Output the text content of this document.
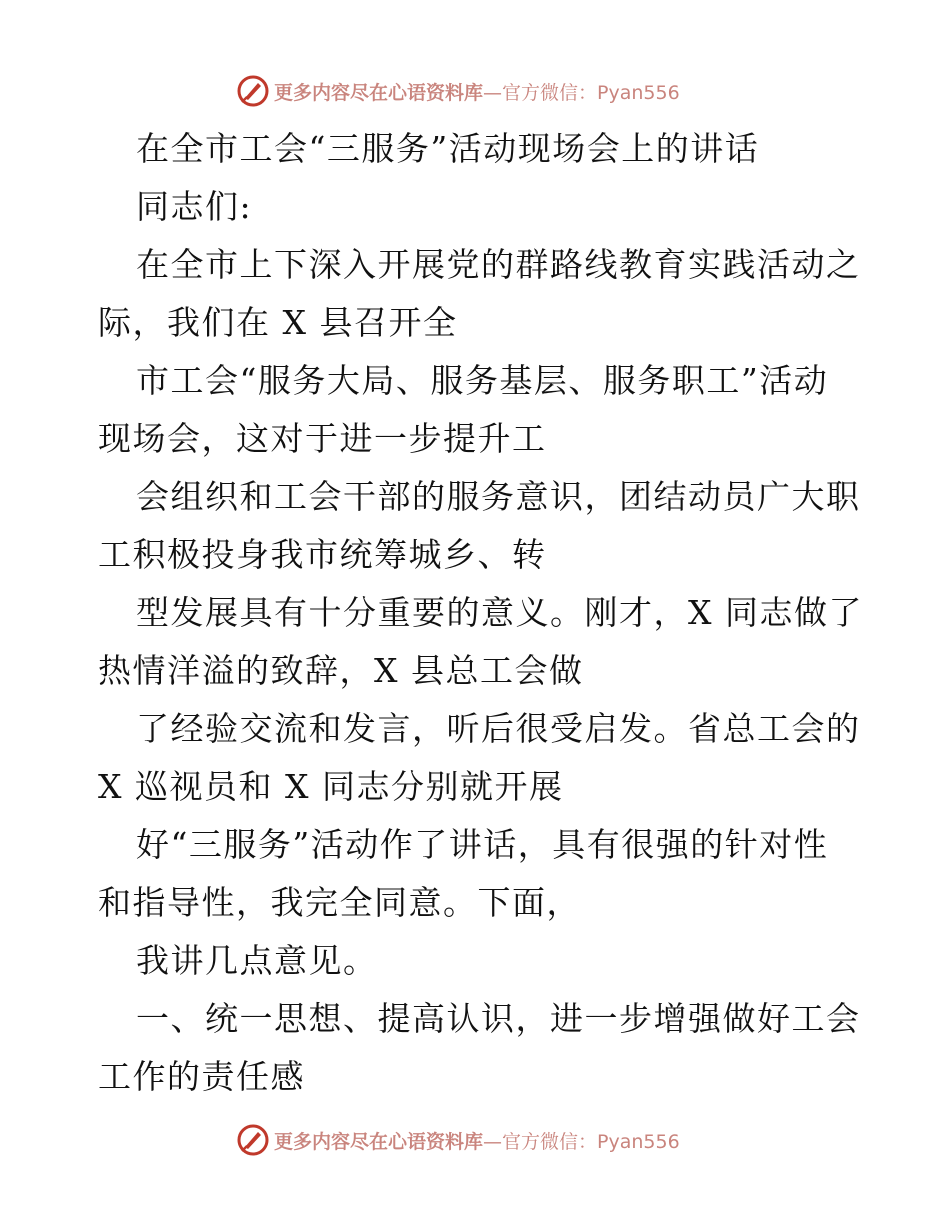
更多内容尽在心语资料库—官方微信：Pyan556
在全市工会“三服务”活动现场会上的讲话
同志们:
在全市上下深入开展党的群路线教育实践活动之
际，我们在 X 县召开全
市工会“服务大局、服务基层、服务职工”活动
现场会，这对于进一步提升工
会组织和工会干部的服务意识，团结动员广大职
工积极投身我市统筹城乡、转
型发展具有十分重要的意义。刚才，X 同志做了
热情洋溢的致辞，X 县总工会做
了经验交流和发言，听后很受启发。省总工会的
X 巡视员和 X 同志分别就开展
好“三服务”活动作了讲话，具有很强的针对性
和指导性，我完全同意。下面，
我讲几点意见。
一、统一思想、提高认识，进一步增强做好工会
工作的责任感
更多内容尽在心语资料库—官方微信：Pyan556
